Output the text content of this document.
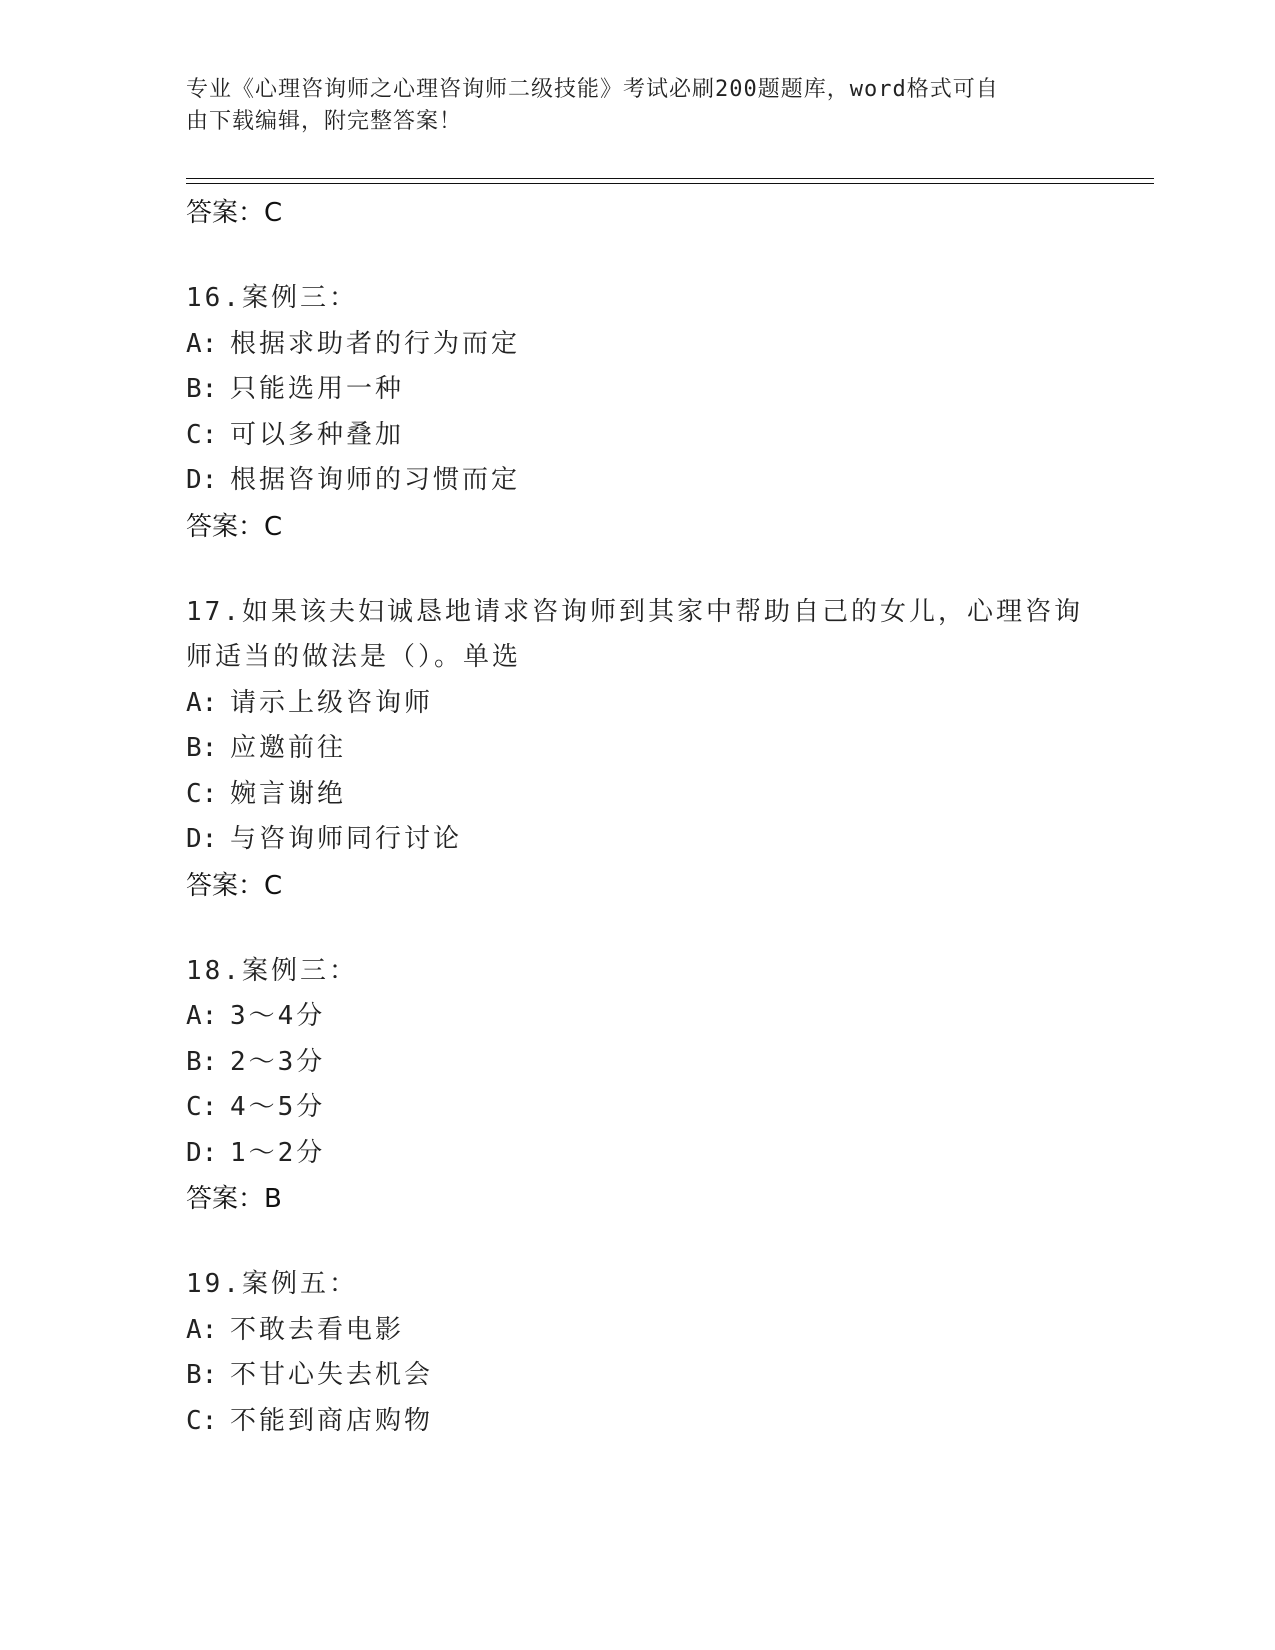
专业《心理咨询师之心理咨询师二级技能》考试必刷200题题库，word格式可自
由下载编辑，附完整答案！
答案：C
16.案例三：
A: 根据求助者的行为而定
B: 只能选用一种
C: 可以多种叠加
D: 根据咨询师的习惯而定
答案：C
17.如果该夫妇诚恳地请求咨询师到其家中帮助自己的女儿，心理咨询
师适当的做法是（）。单选
A: 请示上级咨询师
B: 应邀前往
C: 婉言谢绝
D: 与咨询师同行讨论
答案：C
18.案例三：
A: 3～4分
B: 2～3分
C: 4～5分
D: 1～2分
答案：B
19.案例五：
A: 不敢去看电影
B: 不甘心失去机会
C: 不能到商店购物
